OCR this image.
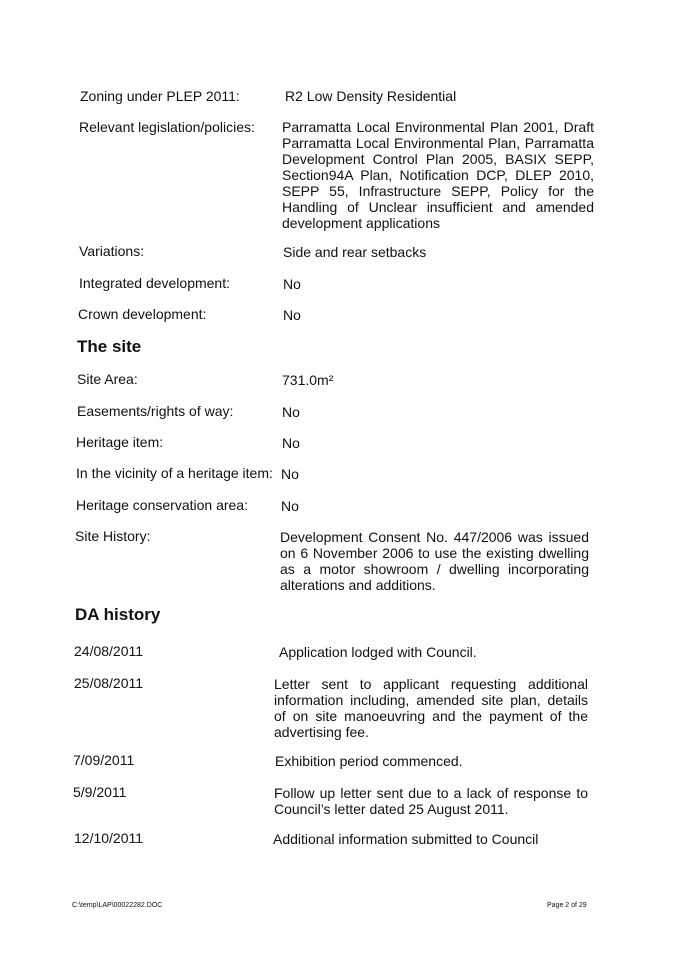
Zoning under PLEP 2011:	R2 Low Density Residential
Relevant legislation/policies: Parramatta Local Environmental Plan 2001, Draft Parramatta Local Environmental Plan, Parramatta Development Control Plan 2005, BASIX SEPP, Section94A Plan, Notification DCP, DLEP 2010, SEPP 55, Infrastructure SEPP, Policy for the Handling of Unclear insufficient and amended development applications
Variations:	Side and rear setbacks
Integrated development:	No
Crown development:	No
The site
Site Area:	731.0m²
Easements/rights of way:	No
Heritage item:	No
In the vicinity of a heritage item: No
Heritage conservation area: No
Site History:	Development Consent No. 447/2006 was issued on 6 November 2006 to use the existing dwelling as a motor showroom / dwelling incorporating alterations and additions.
DA history
24/08/2011	Application lodged with Council.
25/08/2011	Letter sent to applicant requesting additional information including, amended site plan, details of on site manoeuvring and the payment of the advertising fee.
7/09/2011	Exhibition period commenced.
5/9/2011	Follow up letter sent due to a lack of response to Council’s letter dated 25 August 2011.
12/10/2011	Additional information submitted to Council
C:\temp\LAP\00022282.DOC	Page 2 of 29
